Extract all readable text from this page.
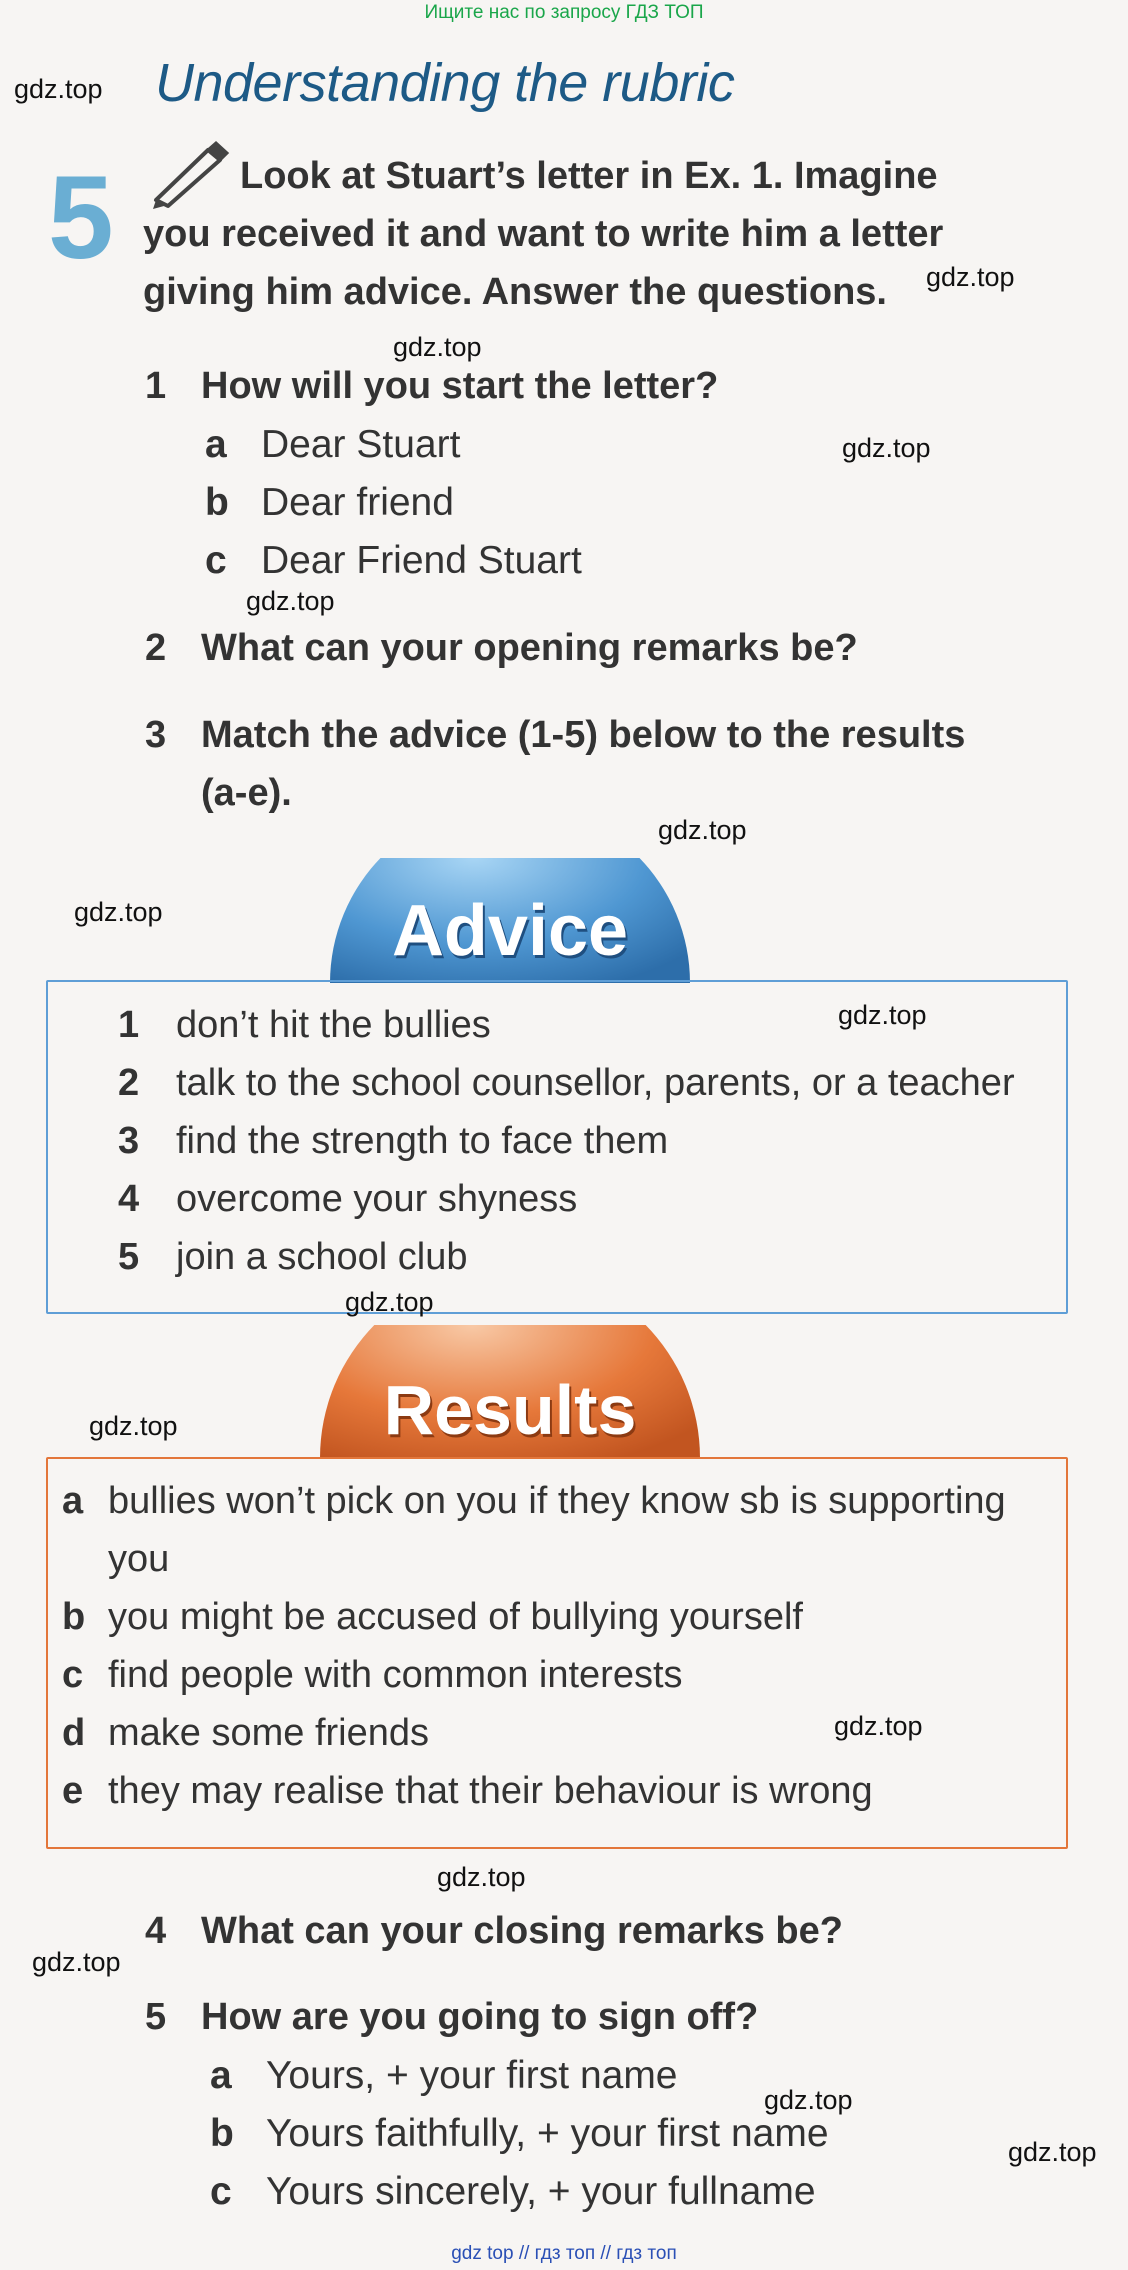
Ищите нас по запросу ГДЗ ТОП
Understanding the rubric
5	Look at Stuart’s letter in Ex. 1. Imagine
you received it and want to write him a letter
giving him advice. Answer the questions.
1 How will you start the letter?
a Dear Stuart
b Dear friend
c Dear Friend Stuart
2 What can your opening remarks be?
3 Match the advice (1-5) below to the results
(a-e).
Advice
1 don’t hit the bullies
2 talk to the school counsellor, parents, or a teacher
3 find the strength to face them
4 overcome your shyness
5 join a school club
Results
a bullies won’t pick on you if they know sb is supporting
you
b you might be accused of bullying yourself
c find people with common interests
d make some friends
e they may realise that their behaviour is wrong
4 What can your closing remarks be?
5 How are you going to sign off?
a Yours, + your first name
b Yours faithfully, + your first name
c Yours sincerely, + your fullname
gdz.top
gdz.top
gdz.top
gdz.top
gdz.top
gdz.top
gdz.top
gdz.top
gdz.top
gdz.top
gdz.top
gdz.top
gdz.top
gdz.top
gdz.top
gdz top // гдз топ // гдз топ
